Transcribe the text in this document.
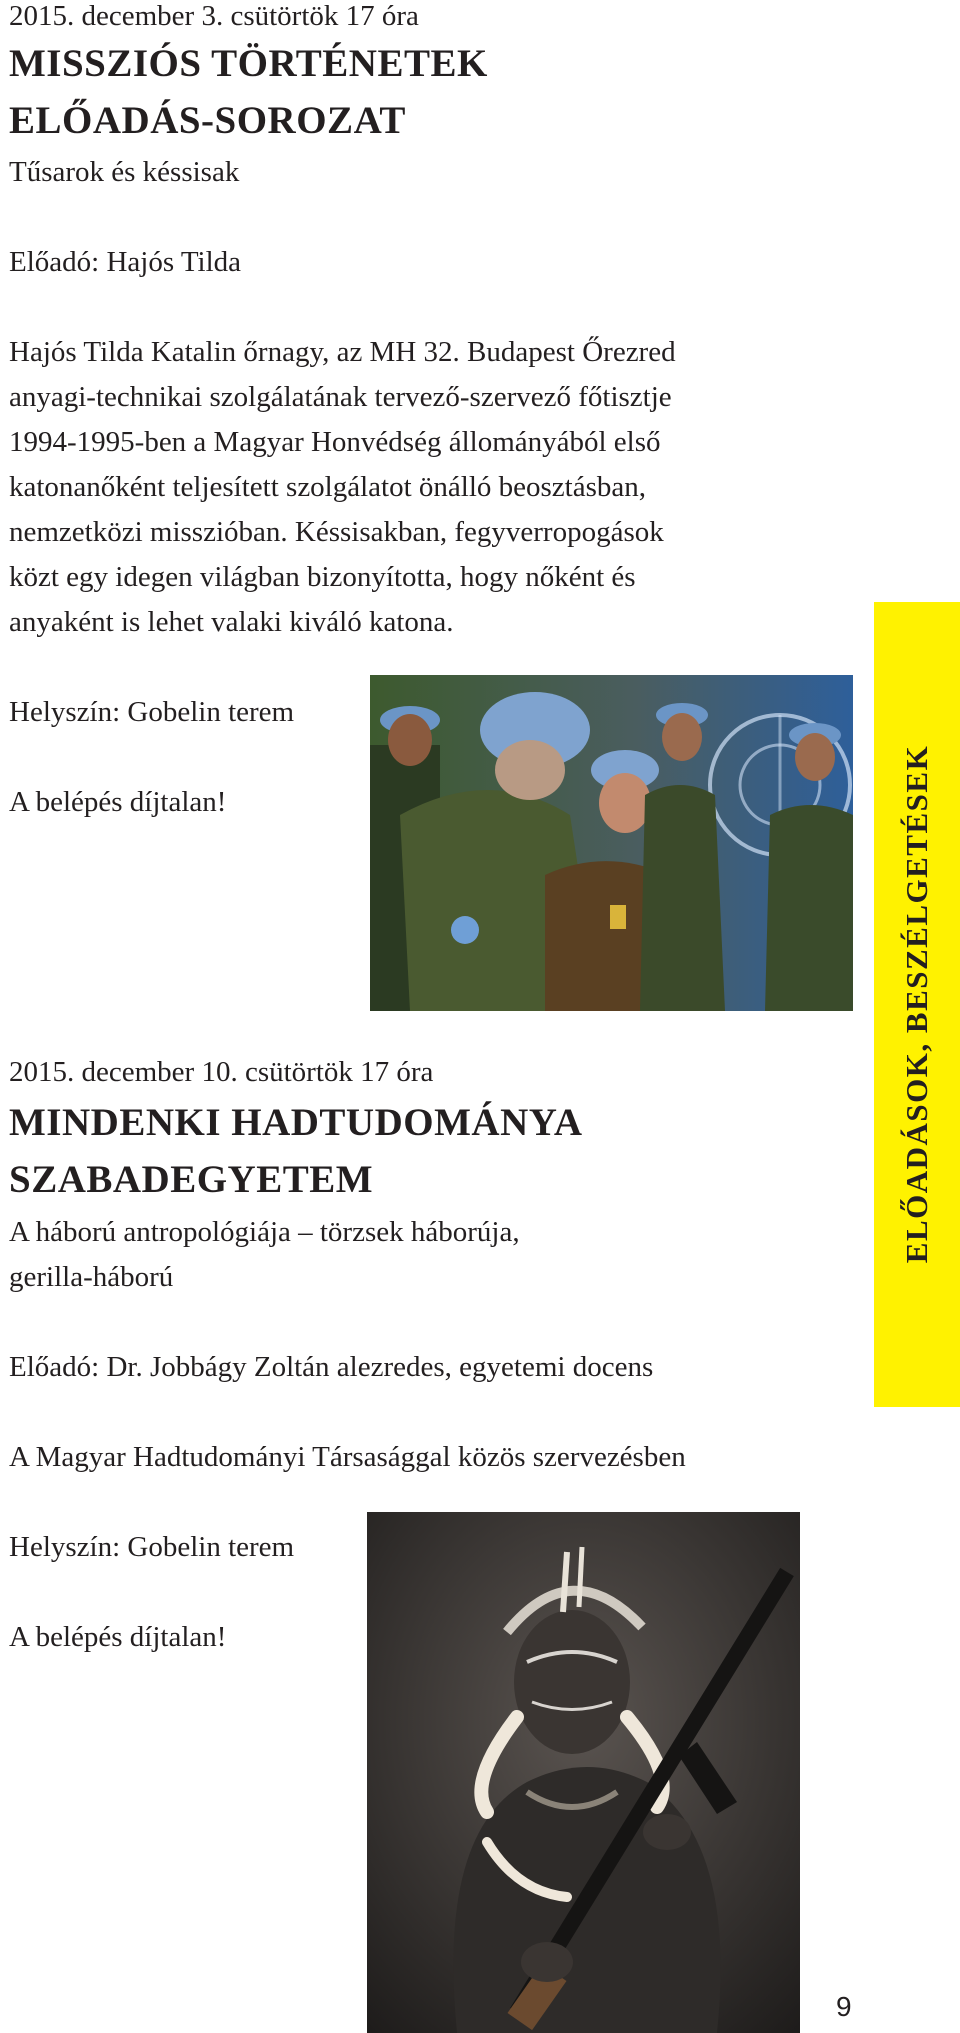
2015. december 3. csütörtök 17 óra
MISSZIÓS TÖRTÉNETEK
ELŐADÁS-SOROZAT
Tűsarok és késsisak
Előadó: Hajós Tilda
Hajós Tilda Katalin őrnagy, az MH 32. Budapest Őrezred
anyagi-technikai szolgálatának tervező-szervező főtisztje
1994-1995-ben a Magyar Honvédség állományából első
katonanőként teljesített szolgálatot önálló beosztásban,
nemzetközi misszióban. Késsisakban, fegyverropogások
közt egy idegen világban bizonyította, hogy nőként és
anyaként is lehet valaki kiváló katona.
Helyszín: Gobelin terem
A belépés díjtalan!
2015. december 10. csütörtök 17 óra
MINDENKI HADTUDOMÁNYA
SZABADEGYETEM
A háború antropológiája – törzsek háborúja,
gerilla-háború
Előadó: Dr. Jobbágy Zoltán alezredes, egyetemi docens
A Magyar Hadtudományi Társasággal közös szervezésben
Helyszín: Gobelin terem
A belépés díjtalan!
ELŐADÁSOK, BESZÉLGETÉSEK
9
